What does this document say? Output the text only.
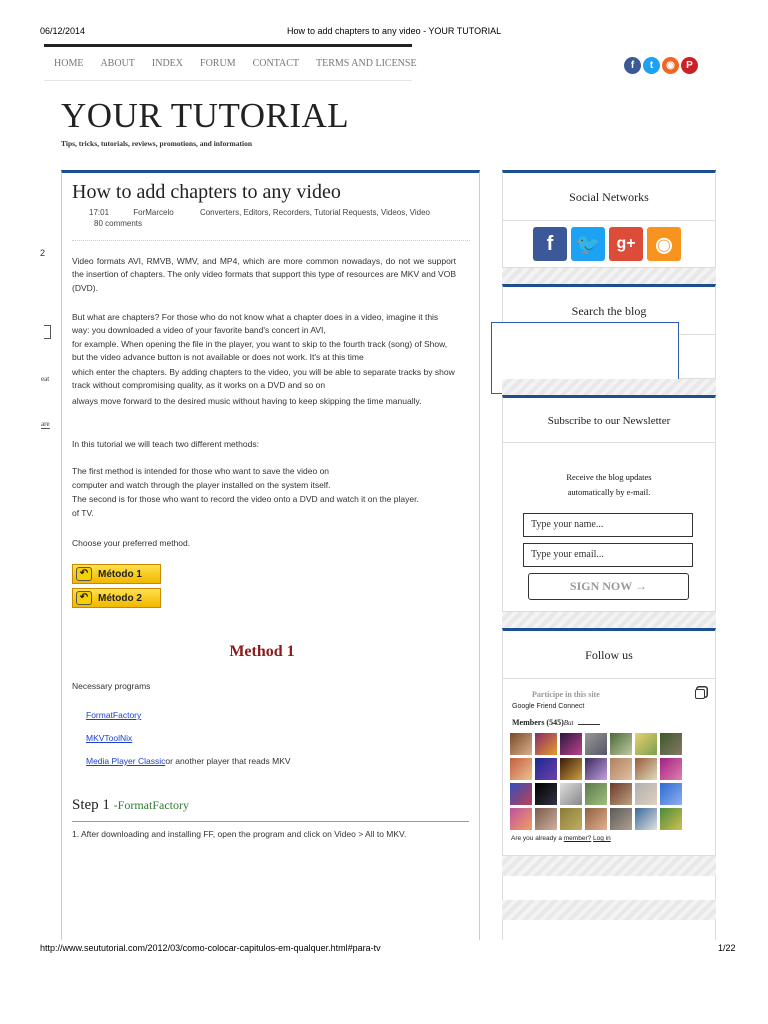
06/12/2014	How to add chapters to any video - YOUR TUTORIAL
HOME ABOUT INDEX FORUM CONTACT TERMS AND LICENSE	f	t	◉	P
YOUR TUTORIAL
Tips, tricks, tutorials, reviews, promotions, and information
2
eat
are
How to add chapters to any video
17:01	ForMarcelo	Converters, Editors, Recorders, Tutorial Requests, Videos, Video
80 comments

Video formats AVI, RMVB, WMV, and MP4, which are more common nowadays, do not we support the insertion of chapters. The only video formats that support this type of resources are MKV and VOB (DVD).

But what are chapters? For those who do not know what a chapter does in a video, imagine it this way: you downloaded a video of your favorite band's concert in AVI,

for example. When opening the file in the player, you want to skip to the fourth track (song) of Show, but the video advance button is not available or does not work. It's at this time

which enter the chapters. By adding chapters to the video, you will be able to separate tracks by show track without compromising quality, as it works on a DVD and so on

always move forward to the desired music without having to keep skipping the time manually.

In this tutorial we will teach two different methods:

The first method is intended for those who want to save the video on

computer and watch through the player installed on the system itself.

The second is for those who want to record the video onto a DVD and watch it on the player.

of TV.

Choose your preferred method.

↶ Método 1
↶ Método 2
Method 1

Necessary programs

FormatFactory
MKVToolNix
Media Player Classicor another player that reads MKV
Step 1 -FormatFactory

1. After downloading and installing FF, open the program and click on Video > All to MKV.

Social Networks
f	🐦 g+ ◉
Search the blog
Subscribe to our Newsletter
Receive the blog updates
automatically by e-mail.
Type your name...
Type your email...
SIGN NOW →
Follow us
Participe in this site
Google Friend Connect
Members (545)But
Are you already a member? Log in
http://www.seututorial.com/2012/03/como-colocar-capitulos-em-qualquer.html#para-tv	1/22
